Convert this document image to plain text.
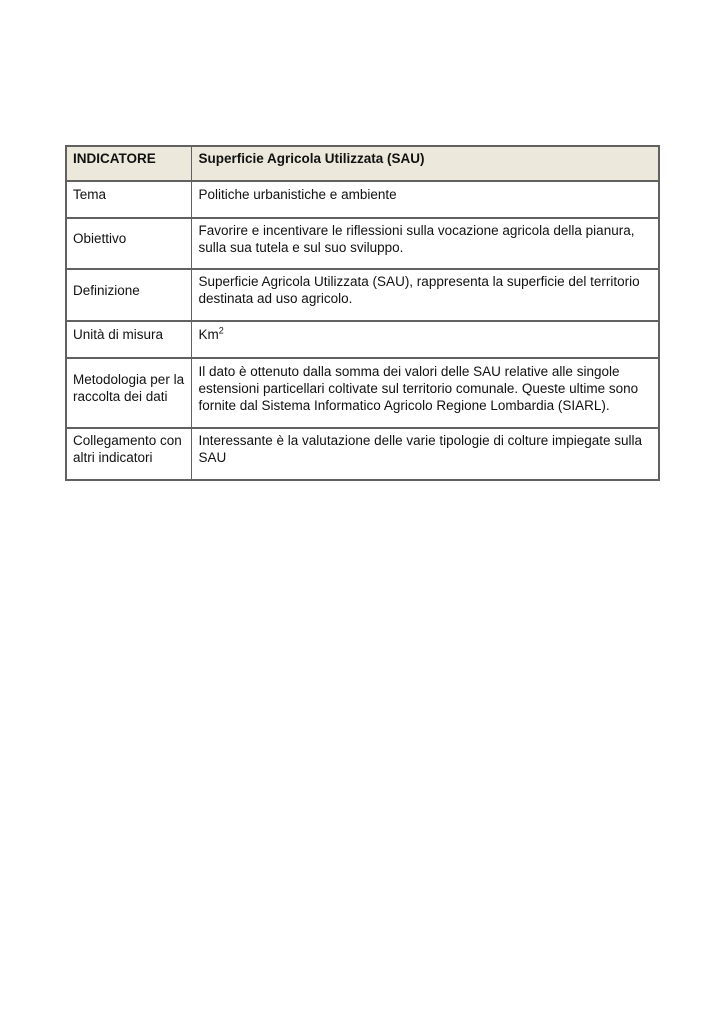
INDICATORE	Superficie Agricola Utilizzata (SAU)
Tema	Politiche urbanistiche e ambiente
Obiettivo	Favorire e incentivare le riflessioni sulla vocazione agricola della pianura, sulla sua tutela e sul suo sviluppo.
Definizione	Superficie Agricola Utilizzata (SAU), rappresenta la superficie del territorio destinata ad uso agricolo.
Unità di misura	Km$^2$
Metodologia per la raccolta dei dati	Il dato è ottenuto dalla somma dei valori delle SAU relative alle singole estensioni particellari coltivate sul territorio comunale. Queste ultime sono fornite dal Sistema Informatico Agricolo Regione Lombardia (SIARL).
Collegamento con altri indicatori	Interessante è la valutazione delle varie tipologie di colture impiegate sulla SAU
